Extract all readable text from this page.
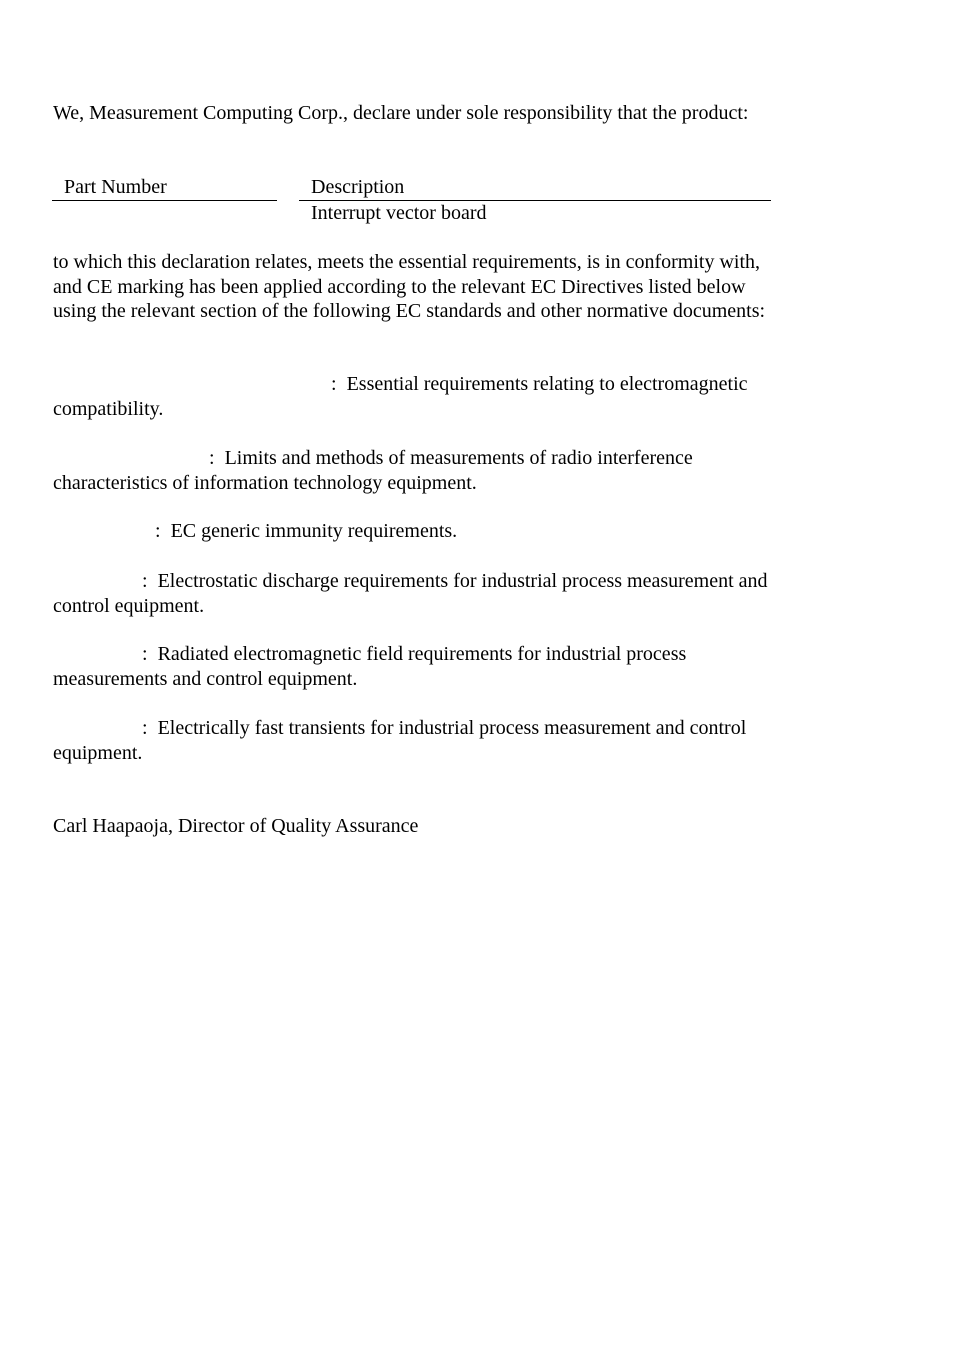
We, Measurement Computing Corp., declare under sole responsibility that the product:

Part Number	Description
Interrupt vector board

to which this declaration relates, meets the essential requirements, is in conformity with, and CE marking has been applied according to the relevant EC Directives listed below using the relevant section of the following EC standards and other normative documents:

: Essential requirements relating to electromagnetic compatibility.

: Limits and methods of measurements of radio interference characteristics of information technology equipment.

: EC generic immunity requirements.

: Electrostatic discharge requirements for industrial process measurement and control equipment.

: Radiated electromagnetic field requirements for industrial process measurements and control equipment.

: Electrically fast transients for industrial process measurement and control equipment.

Carl Haapaoja, Director of Quality Assurance
